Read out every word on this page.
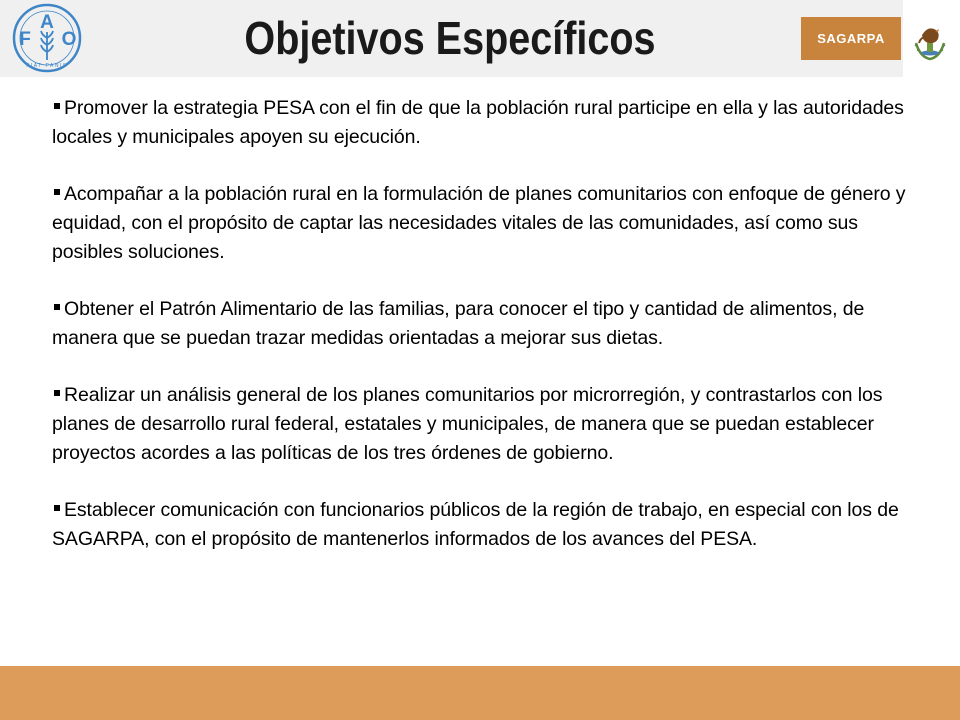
F
A
O
FIAT PANIS
Objetivos Específicos	SAGARPA
Promover la estrategia PESA con el fin de que la población rural participe en ella y las autoridades locales y municipales apoyen su ejecución.
Acompañar a la población rural en la formulación de planes comunitarios con enfoque de género y equidad, con el propósito de captar las necesidades vitales de las comunidades, así como sus posibles soluciones.
Obtener el Patrón Alimentario de las familias, para conocer el tipo y cantidad de alimentos, de manera que se puedan trazar medidas orientadas a mejorar sus dietas.
Realizar un análisis general de los planes comunitarios por microrregión, y contrastarlos con los planes de desarrollo rural federal, estatales y municipales, de manera que se puedan establecer proyectos acordes a las políticas de los tres órdenes de gobierno.
Establecer comunicación con funcionarios públicos de la región de trabajo, en especial con los de SAGARPA, con el propósito de mantenerlos informados de los avances del PESA.
